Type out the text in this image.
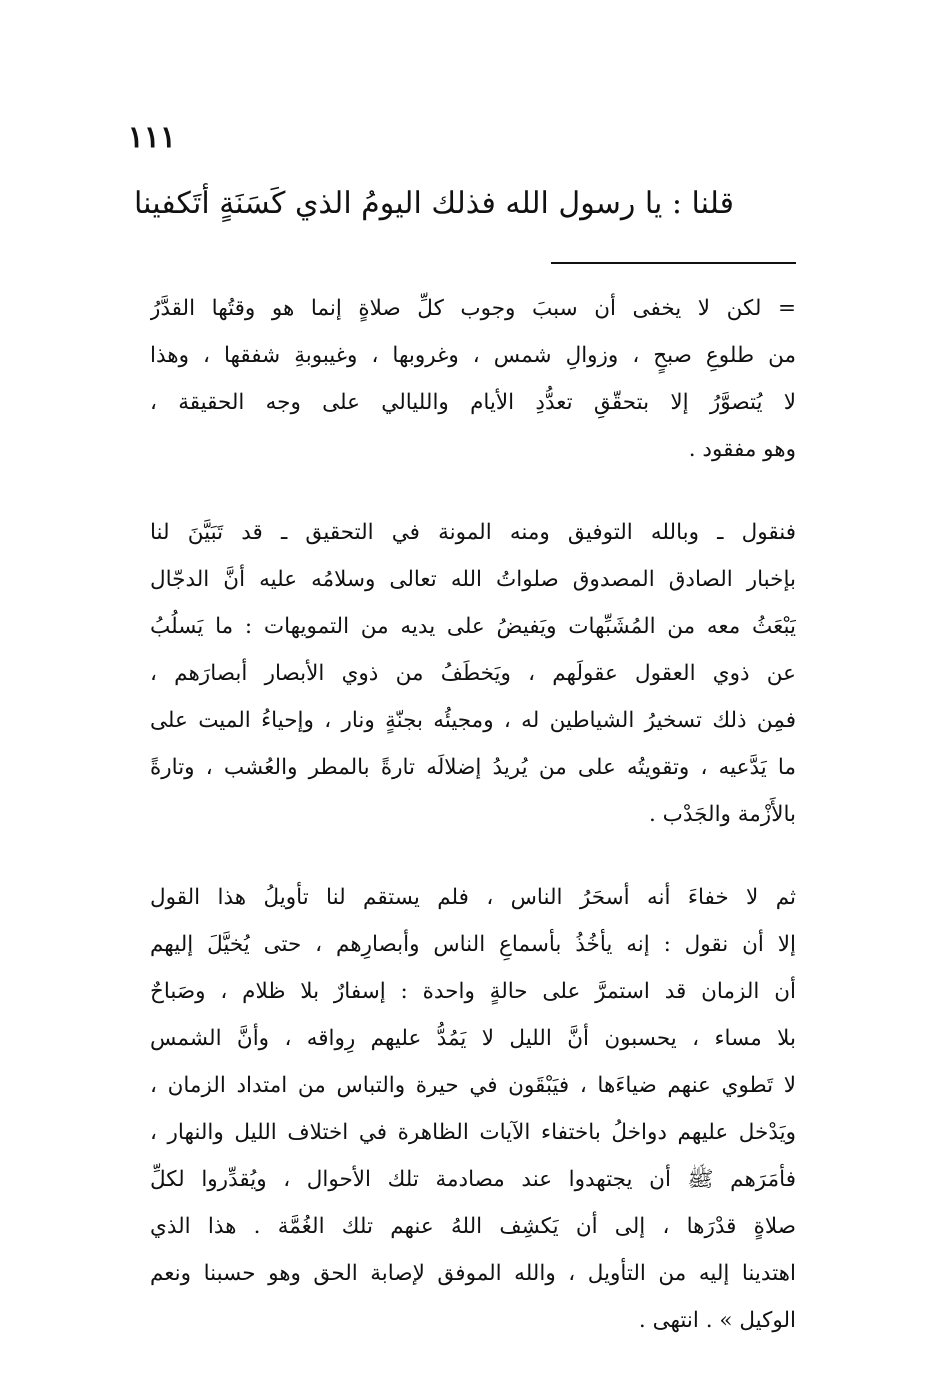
١١١
قلنا : يا رسول الله فذلك اليومُ الذي كَسَنَةٍ أتَكفينا
= لكن لا يخفى أن سببَ وجوب كلِّ صلاةٍ إنما هو وقتُها القدَّرُ
من طلوعِ صبحٍ ، وزوالِ شمس ، وغروبها ، وغيبوبةِ شفقها ، وهذا
لا يُتصوَّرُ إلا بتحقّقِ تعدُّدِ الأيام والليالي على وجه الحقيقة ،
وهو مفقود .
فنقول ـ وبالله التوفيق ومنه المونة في التحقيق ـ قد تَبَيَّنَ لنا
بإخبار الصادق المصدوق صلواتُ الله تعالى وسلامُه عليه أنَّ الدجّال
يَبْعَثُ معه من المُشَبِّهات ويَفيضُ على يديه من التمويهات : ما يَسلُبُ
عن ذوي العقول عقولَهم ، ويَخطَفُ من ذوي الأبصار أبصارَهم ،
فمِن ذلك تسخيرُ الشياطين له ، ومجيئُه بجنّةٍ ونار ، وإحياءُ الميت على
ما يَدَّعيه ، وتقويتُه على من يُريدُ إضلالَه تارةً بالمطر والعُشب ، وتارةً
بالأَزْمة والجَدْب .
ثم لا خفاءَ أنه أسحَرُ الناس ، فلم يستقم لنا تأويلُ هذا القول
إلا أن نقول : إنه يأخُذُ بأسماعِ الناس وأبصارِهم ، حتى يُخيَّلَ إليهم
أن الزمان قد استمرَّ على حالةٍ واحدة : إسفارٌ بلا ظلام ، وصَباحٌ
بلا مساء ، يحسبون أنَّ الليل لا يَمُدُّ عليهم رِواقه ، وأنَّ الشمس
لا تَطوي عنهم ضياءَها ، فيَبْقَون في حيرة والتباس من امتداد الزمان ،
ويَدْخل عليهم دواخلُ باختفاء الآيات الظاهرة في اختلاف الليل والنهار ،
فأمَرَهم ﷺ أن يجتهدوا عند مصادمة تلك الأحوال ، ويُقدِّروا لكلِّ
صلاةٍ قدْرَها ، إلى أن يَكشِف اللهُ عنهم تلك الغُمَّة . هذا الذي
اهتدينا إليه من التأويل ، والله الموفق لإصابة الحق وهو حسبنا ونعم
الوكيل » . انتهى .
